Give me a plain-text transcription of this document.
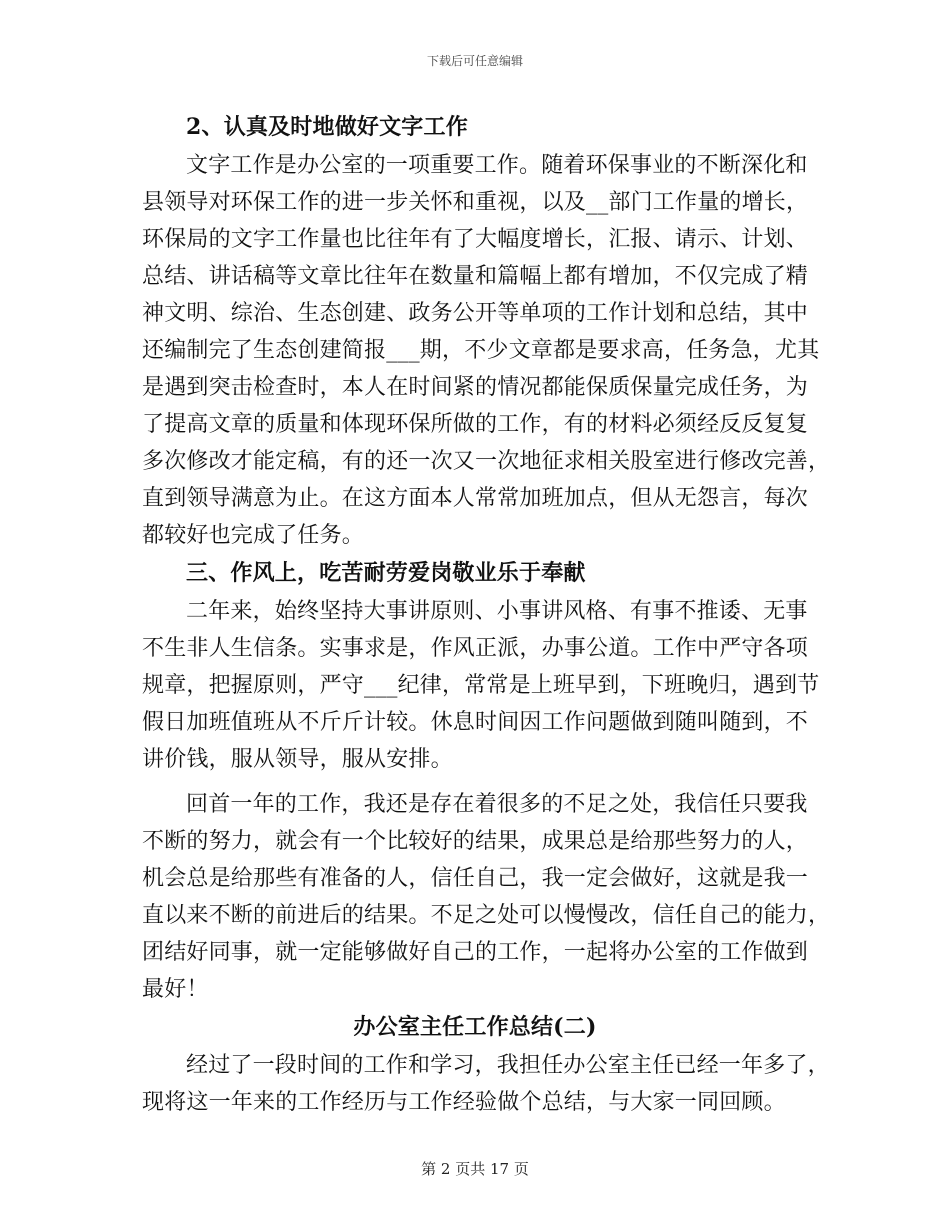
下载后可任意编辑
2、认真及时地做好文字工作
文字工作是办公室的一项重要工作。随着环保事业的不断深化和
县领导对环保工作的进一步关怀和重视，以及__部门工作量的增长，
环保局的文字工作量也比往年有了大幅度增长，汇报、请示、计划、
总结、讲话稿等文章比往年在数量和篇幅上都有增加，不仅完成了精
神文明、综治、生态创建、政务公开等单项的工作计划和总结，其中
还编制完了生态创建简报___期，不少文章都是要求高，任务急，尤其
是遇到突击检查时，本人在时间紧的情况都能保质保量完成任务，为
了提高文章的质量和体现环保所做的工作，有的材料必须经反反复复
多次修改才能定稿，有的还一次又一次地征求相关股室进行修改完善，
直到领导满意为止。在这方面本人常常加班加点，但从无怨言，每次
都较好也完成了任务。
三、作风上，吃苦耐劳爱岗敬业乐于奉献
二年来，始终坚持大事讲原则、小事讲风格、有事不推诿、无事
不生非人生信条。实事求是，作风正派，办事公道。工作中严守各项
规章，把握原则，严守___纪律，常常是上班早到，下班晚归，遇到节
假日加班值班从不斤斤计较。休息时间因工作问题做到随叫随到，不
讲价钱，服从领导，服从安排。
回首一年的工作，我还是存在着很多的不足之处，我信任只要我
不断的努力，就会有一个比较好的结果，成果总是给那些努力的人，
机会总是给那些有准备的人，信任自己，我一定会做好，这就是我一
直以来不断的前进后的结果。不足之处可以慢慢改，信任自己的能力，
团结好同事，就一定能够做好自己的工作，一起将办公室的工作做到
最好！
办公室主任工作总结(二)
经过了一段时间的工作和学习，我担任办公室主任已经一年多了，
现将这一年来的工作经历与工作经验做个总结，与大家一同回顾。
第 2 页共 17 页
